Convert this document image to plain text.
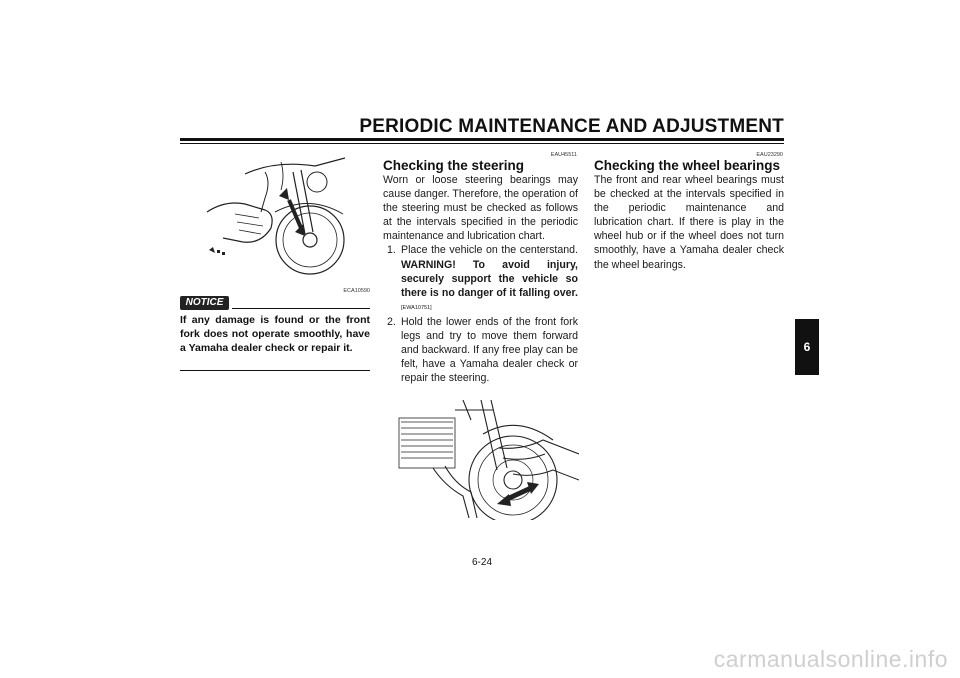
PERIODIC MAINTENANCE AND ADJUSTMENT
ECA10590
NOTICE
If any damage is found or the front fork does not operate smoothly, have a Yamaha dealer check or repair it.
EAU45511

Checking the steering

Worn or loose steering bearings may cause danger. Therefore, the operation of the steering must be checked as follows at the intervals specified in the periodic maintenance and lubrication chart.

1. Place the vehicle on the centerstand. WARNING! To avoid injury, securely support the vehicle so there is no danger of it falling over. [EWA10751]
2. Hold the lower ends of the front fork legs and try to move them forward and backward. If any free play can be felt, have a Yamaha dealer check or repair the steering.
EAU23290

Checking the wheel bearings

The front and rear wheel bearings must be checked at the intervals specified in the periodic maintenance and lubrication chart. If there is play in the wheel hub or if the wheel does not turn smoothly, have a Yamaha dealer check the wheel bearings.

6
6-24
carmanualsonline.info
